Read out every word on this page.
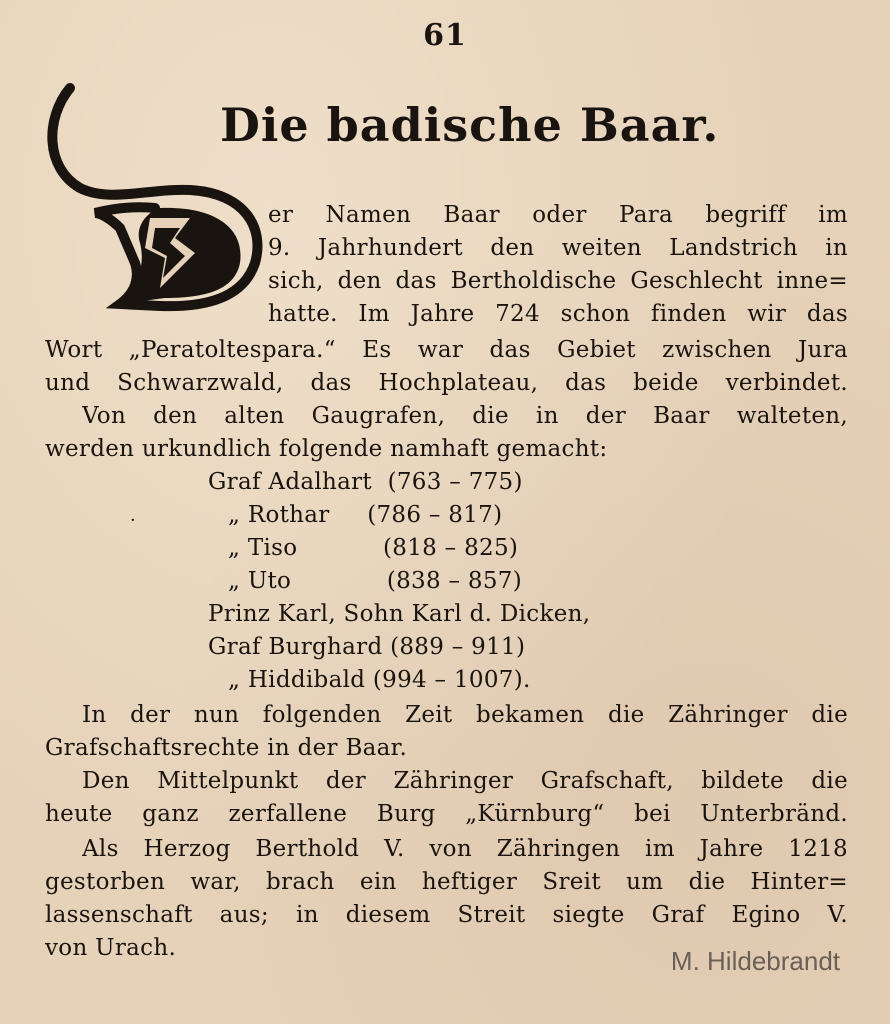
61
Die badische Baar.
D
er Namen Baar oder Para begriff im
9. Jahrhundert den weiten Landstrich in
sich, den das Bertholdische Geschlecht inne=
hatte. Im Jahre 724 schon finden wir das
Wort „Peratoltespara.“ Es war das Gebiet zwischen Jura
und Schwarzwald, das Hochplateau, das beide verbindet.
Von den alten Gaugrafen, die in der Baar walteten,
werden urkundlich folgende namhaft gemacht:
Graf Adalhart (763 – 775)
·	„ Rothar (786 – 817)
„ Tiso	(818 – 825)
„ Uto	(838 – 857)
Prinz Karl, Sohn Karl d. Dicken,
Graf Burghard (889 – 911)
„ Hiddibald (994 – 1007).
In der nun folgenden Zeit bekamen die Zähringer die
Grafschaftsrechte in der Baar.
Den Mittelpunkt der Zähringer Grafschaft, bildete die
heute ganz zerfallene Burg „Kürnburg“ bei Unterbränd.
Als Herzog Berthold V. von Zähringen im Jahre 1218
gestorben war, brach ein heftiger Sreit um die Hinter=
lassenschaft aus; in diesem Streit siegte Graf Egino V.
von Urach.	M. Hildebrandt
